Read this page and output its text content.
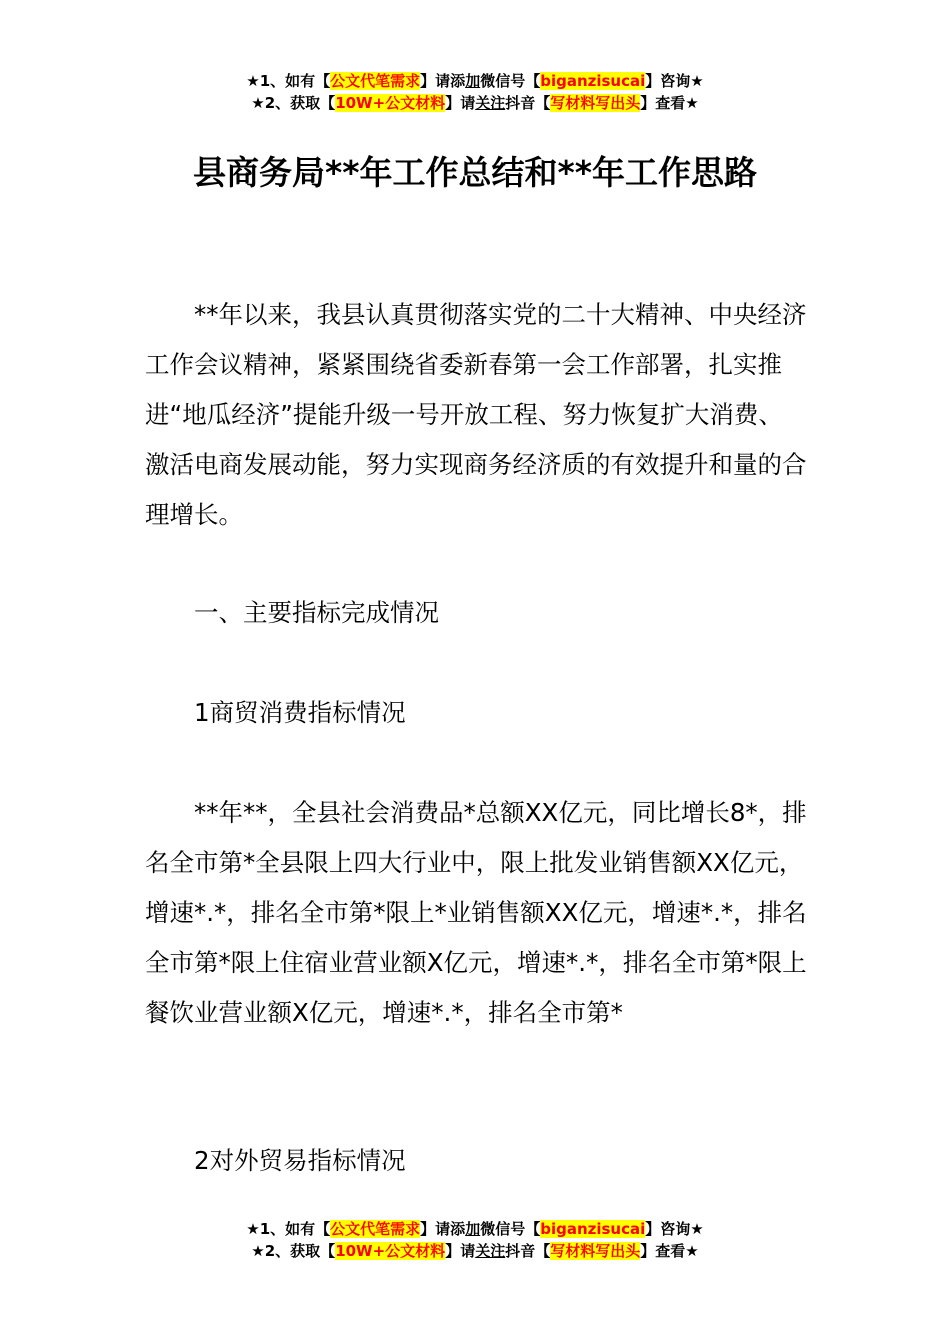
★1、如有【公文代笔需求】请添加微信号【biganzisucai】咨询★
★2、获取【10W+公文材料】请关注抖音【写材料写出头】查看★
县商务局**年工作总结和**年工作思路

**年以来，我县认真贯彻落实党的二十大精神、中央经济工作会议精神，紧紧围绕省委新春第一会工作部署，扎实推进“地瓜经济”提能升级一号开放工程、努力恢复扩大消费、激活电商发展动能，努力实现商务经济质的有效提升和量的合理增长。

一、主要指标完成情况

1商贸消费指标情况

**年**，全县社会消费品*总额XX亿元，同比增长8*，排名全市第*全县限上四大行业中，限上批发业销售额XX亿元，增速*.*，排名全市第*限上*业销售额XX亿元，增速*.*，排名全市第*限上住宿业营业额X亿元，增速*.*，排名全市第*限上餐饮业营业额X亿元，增速*.*，排名全市第*

2对外贸易指标情况

★1、如有【公文代笔需求】请添加微信号【biganzisucai】咨询★
★2、获取【10W+公文材料】请关注抖音【写材料写出头】查看★
